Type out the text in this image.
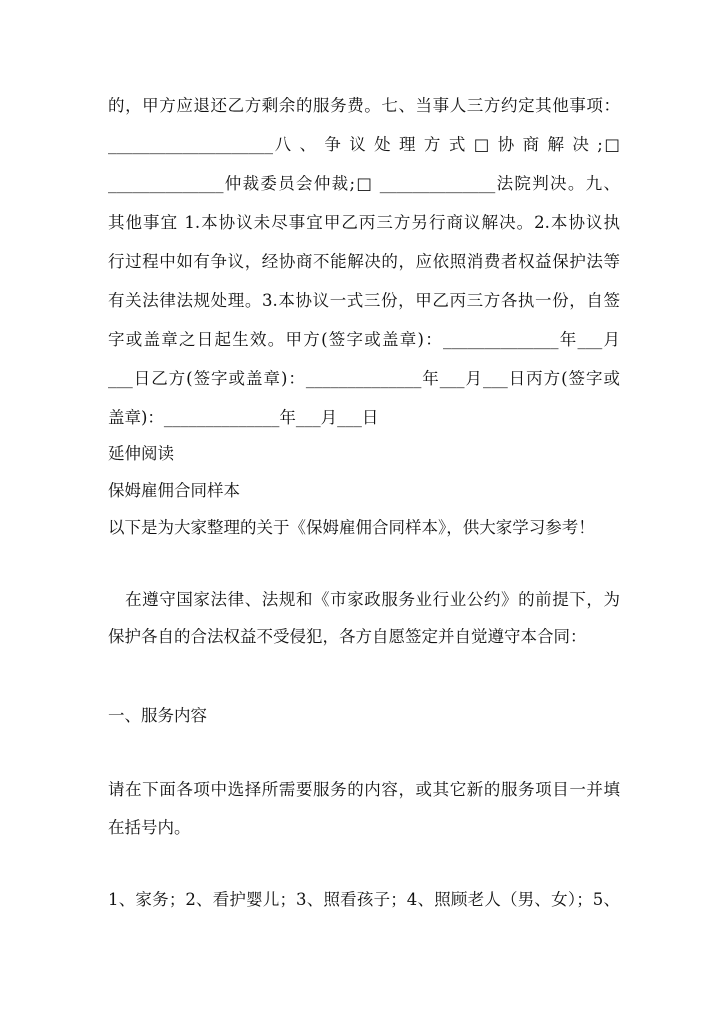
的，甲方应退还乙方剩余的服务费。七、当事人三方约定其他事项：
____________________八 、 争 议 处 理 方 式 □ 协 商 解 决 ;□
______________仲裁委员会仲裁;□ ______________法院判决。九、
其他事宜 1.本协议未尽事宜甲乙丙三方另行商议解决。2.本协议执
行过程中如有争议，经协商不能解决的，应依照消费者权益保护法等
有关法律法规处理。3.本协议一式三份，甲乙丙三方各执一份，自签
字或盖章之日起生效。甲方(签字或盖章)：______________年___月
___日乙方(签字或盖章)：______________年___月___日丙方(签字或
盖章)：______________年___月___日
延伸阅读
保姆雇佣合同样本
以下是为大家整理的关于《保姆雇佣合同样本》，供大家学习参考！
　在遵守国家法律、法规和《市家政服务业行业公约》的前提下，为
保护各自的合法权益不受侵犯，各方自愿签定并自觉遵守本合同：
一、服务内容
请在下面各项中选择所需要服务的内容，或其它新的服务项目一并填
在括号内。
1、家务；2、看护婴儿；3、照看孩子；4、照顾老人（男、女）；5、
